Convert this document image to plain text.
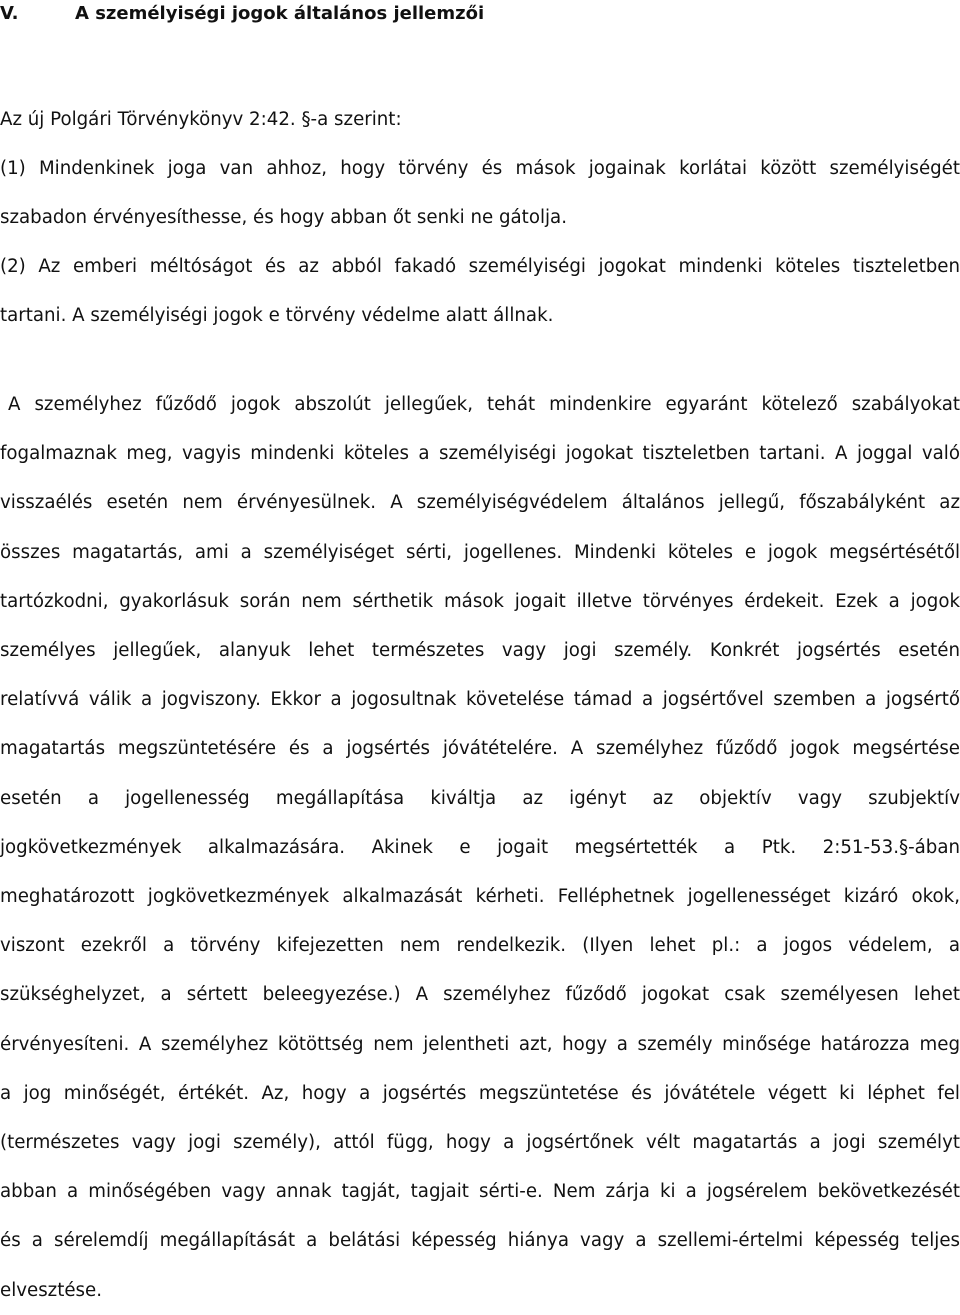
V.	A személyiségi jogok általános jellemzői
Az új Polgári Törvénykönyv 2:42. §-a szerint:
(1) Mindenkinek joga van ahhoz, hogy törvény és mások jogainak korlátai között személyiségét
szabadon érvényesíthesse, és hogy abban őt senki ne gátolja.
(2) Az emberi méltóságot és az abból fakadó személyiségi jogokat mindenki köteles tiszteletben
tartani. A személyiségi jogok e törvény védelme alatt állnak.
A személyhez fűződő jogok abszolút jellegűek, tehát mindenkire egyaránt kötelező szabályokat
fogalmaznak meg, vagyis mindenki köteles a személyiségi jogokat tiszteletben tartani. A joggal való
visszaélés esetén nem érvényesülnek. A személyiségvédelem általános jellegű, főszabályként az
összes magatartás, ami a személyiséget sérti, jogellenes. Mindenki köteles e jogok megsértésétől
tartózkodni, gyakorlásuk során nem sérthetik mások jogait illetve törvényes érdekeit. Ezek a jogok
személyes jellegűek, alanyuk lehet természetes vagy jogi személy. Konkrét jogsértés esetén
relatívvá válik a jogviszony. Ekkor a jogosultnak követelése támad a jogsértővel szemben a jogsértő
magatartás megszüntetésére és a jogsértés jóvátételére. A személyhez fűződő jogok megsértése
esetén a jogellenesség megállapítása kiváltja az igényt az objektív vagy szubjektív
jogkövetkezmények alkalmazására. Akinek e jogait megsértették a Ptk. 2:51-53.§-ában
meghatározott jogkövetkezmények alkalmazását kérheti. Felléphetnek jogellenességet kizáró okok,
viszont ezekről a törvény kifejezetten nem rendelkezik. (Ilyen lehet pl.: a jogos védelem, a
szükséghelyzet, a sértett beleegyezése.) A személyhez fűződő jogokat csak személyesen lehet
érvényesíteni. A személyhez kötöttség nem jelentheti azt, hogy a személy minősége határozza meg
a jog minőségét, értékét. Az, hogy a jogsértés megszüntetése és jóvátétele végett ki léphet fel
(természetes vagy jogi személy), attól függ, hogy a jogsértőnek vélt magatartás a jogi személyt
abban a minőségében vagy annak tagját, tagjait sérti-e. Nem zárja ki a jogsérelem bekövetkezését
és a sérelemdíj megállapítását a belátási képesség hiánya vagy a szellemi-értelmi képesség teljes
elvesztése.
